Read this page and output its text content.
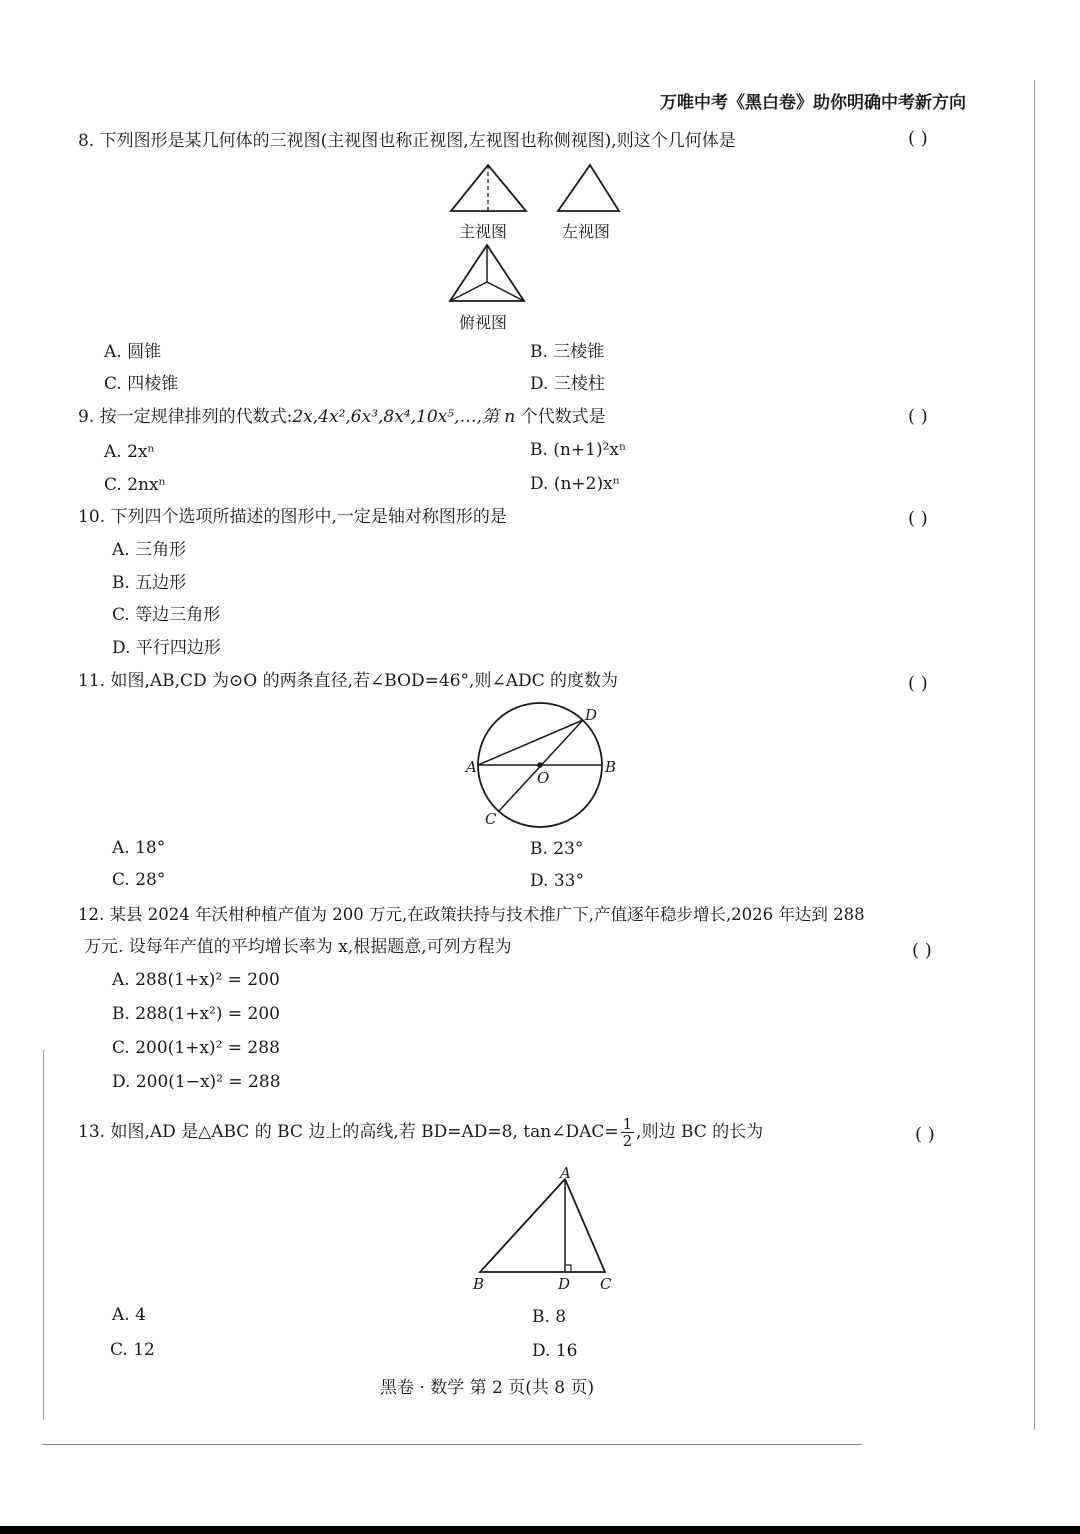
万唯中考《黑白卷》助你明确中考新方向
8. 下列图形是某几何体的三视图(主视图也称正视图,左视图也称侧视图),则这个几何体是	( )
主视图	左视图
俯视图
A. 圆锥	B. 三棱锥
C. 四棱锥	D. 三棱柱
9. 按一定规律排列的代数式:2x,4x²,6x³,8x⁴,10x⁵,…,第 n 个代数式是	( )
A. 2xⁿ	B. (n+1)²xⁿ
C. 2nxⁿ	D. (n+2)xⁿ
10. 下列四个选项所描述的图形中,一定是轴对称图形的是	( )
A. 三角形
B. 五边形
C. 等边三角形
D. 平行四边形
11. 如图,AB,CD 为⊙O 的两条直径,若∠BOD=46°,则∠ADC 的度数为	( )
A	B
C
D
O
A. 18°	B. 23°
C. 28°	D. 33°
12. 某县 2024 年沃柑种植产值为 200 万元,在政策扶持与技术推广下,产值逐年稳步增长,2026 年达到 288
万元. 设每年产值的平均增长率为 x,根据题意,可列方程为	( )
A. 288(1+x)² = 200
B. 288(1+x²) = 200
C. 200(1+x)² = 288
D. 200(1−x)² = 288
13. 如图,AD 是△ABC 的 BC 边上的高线,若 BD=AD=8, tan∠DAC= $\frac{1}{2}$ ,则边 BC 的长为	( )
A
B	D C
A. 4	B. 8
C. 12	D. 16
黑卷 · 数学 第 2 页(共 8 页)
